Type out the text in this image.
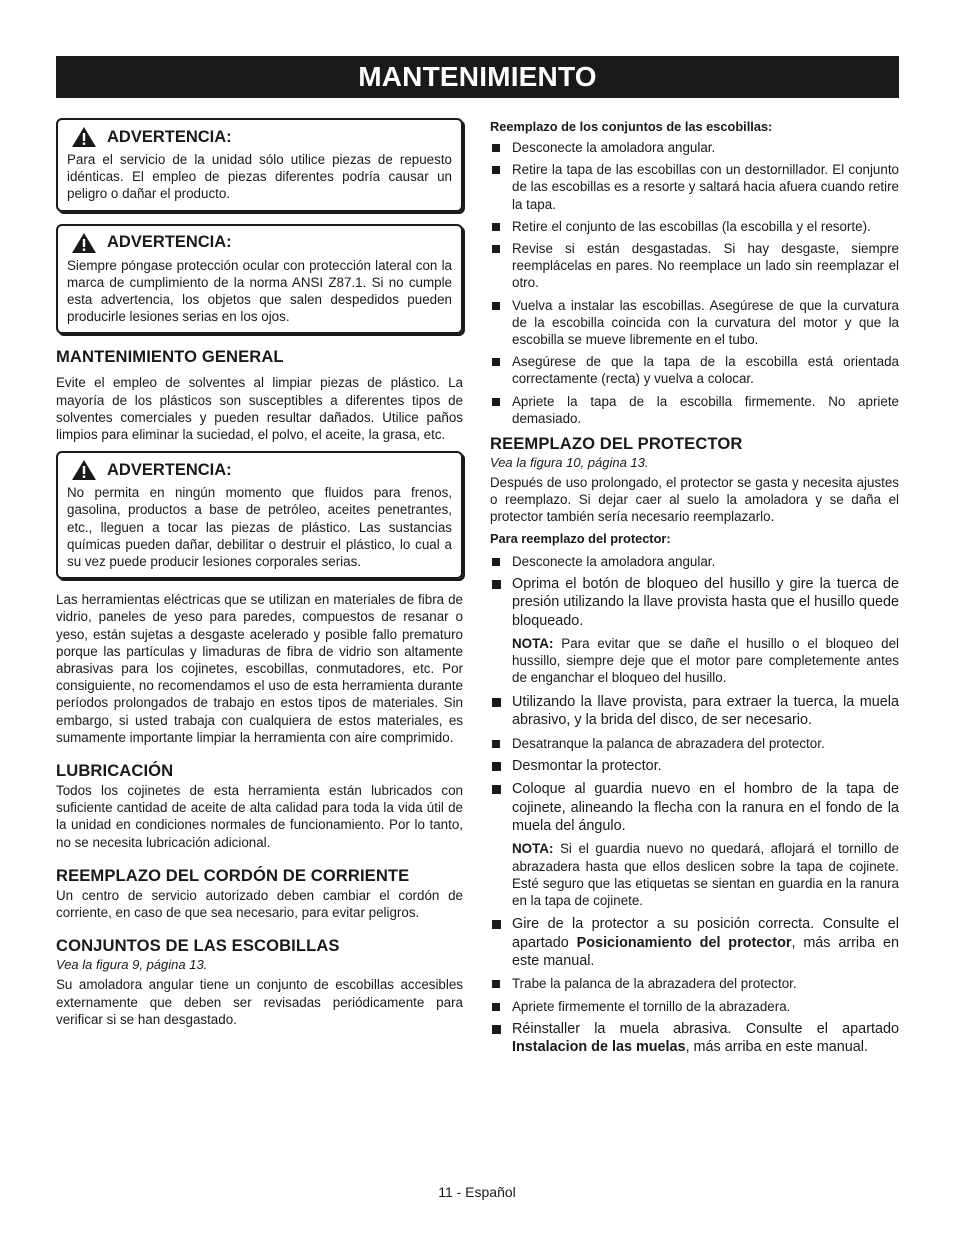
MANTENIMIENTO
ADVERTENCIA:

Para el servicio de la unidad sólo utilice piezas de repuesto idénticas. El empleo de piezas diferentes podría causar un peligro o dañar el producto.

ADVERTENCIA:

Siempre póngase protección ocular con protección lateral con la marca de cumplimiento de la norma ANSI Z87.1. Si no cumple esta advertencia, los objetos que salen despedidos pueden producirle lesiones serias en los ojos.

MANTENIMIENTO GENERAL

Evite el empleo de solventes al limpiar piezas de plástico. La mayoría de los plásticos son susceptibles a diferentes tipos de solventes comerciales y pueden resultar dañados. Utilice paños limpios para eliminar la suciedad, el polvo, el aceite, la grasa, etc.

ADVERTENCIA:

No permita en ningún momento que fluidos para frenos, gasolina, productos a base de petróleo, aceites penetrantes, etc., lleguen a tocar las piezas de plástico. Las sustancias químicas pueden dañar, debilitar o destruir el plástico, lo cual a su vez puede producir lesiones corporales serias.

Las herramientas eléctricas que se utilizan en materiales de fibra de vidrio, paneles de yeso para paredes, compuestos de resanar o yeso, están sujetas a desgaste acelerado y posible fallo prematuro porque las partículas y limaduras de fibra de vidrio son altamente abrasivas para los cojinetes, escobillas, conmutadores, etc. Por consiguiente, no recomendamos el uso de esta herramienta durante períodos prolongados de trabajo en estos tipos de materiales. Sin embargo, si usted trabaja con cualquiera de estos materiales, es sumamente importante limpiar la herramienta con aire comprimido.

LUBRICACIÓN

Todos los cojinetes de esta herramienta están lubricados con suficiente cantidad de aceite de alta calidad para toda la vida útil de la unidad en condiciones normales de funcionamiento. Por lo tanto, no se necesita lubricación adicional.

REEMPLAZO DEL CORDÓN DE CORRIENTE

Un centro de servicio autorizado deben cambiar el cordón de corriente, en caso de que sea necesario, para evitar peligros.

CONJUNTOS DE LAS ESCOBILLAS
Vea la figura 9, página 13.

Su amoladora angular tiene un conjunto de escobillas accesibles externamente que deben ser revisadas periódicamente para verificar si se han desgastado.

Reemplazo de los conjuntos de las escobillas:
Desconecte la amoladora angular.
Retire la tapa de las escobillas con un destornillador. El conjunto de las escobillas es a resorte y saltará hacia afuera cuando retire la tapa.
Retire el conjunto de las escobillas (la escobilla y el resorte).
Revise si están desgastadas. Si hay desgaste, siempre reemplácelas en pares. No reemplace un lado sin reemplazar el otro.
Vuelva a instalar las escobillas. Asegúrese de que la curvatura de la escobilla coincida con la curvatura del motor y que la escobilla se mueve libremente en el tubo.
Asegúrese de que la tapa de la escobilla está orientada correctamente (recta) y vuelva a colocar.
Apriete la tapa de la escobilla firmemente. No apriete demasiado.
REEMPLAZO DEL PROTECTOR
Vea la figura 10, página 13.

Después de uso prolongado, el protector se gasta y necesita ajustes o reemplazo. Si dejar caer al suelo la amoladora y se daña el protector también sería necesario reemplazarlo.

Para reemplazo del protector:
Desconecte la amoladora angular.
Oprima el botón de bloqueo del husillo y gire la tuerca de presión utilizando la llave provista hasta que el husillo quede bloqueado.
NOTA: Para evitar que se dañe el husillo o el bloqueo del hussillo, siempre deje que el motor pare completemente antes de enganchar el bloqueo del husillo.
Utilizando la llave provista, para extraer la tuerca, la muela abrasivo, y la brida del disco, de ser necesario.
Desatranque la palanca de abrazadera del protector.
Desmontar la protector.
Coloque al guardia nuevo en el hombro de la tapa de cojinete, alineando la flecha con la ranura en el fondo de la muela del ángulo.
NOTA: Si el guardia nuevo no quedará, aflojará el tornillo de abrazadera hasta que ellos deslicen sobre la tapa de cojinete. Esté seguro que las etiquetas se sientan en guardia en la ranura en la tapa de cojinete.
Gire de la protector a su posición correcta. Consulte el apartado Posicionamiento del protector, más arriba en este manual.
Trabe la palanca de la abrazadera del protector.
Apriete firmemente el tornillo de la abrazadera.
Réinstaller la muela abrasiva. Consulte el apartado Instalacion de las muelas, más arriba en este manual.
11 - Español
